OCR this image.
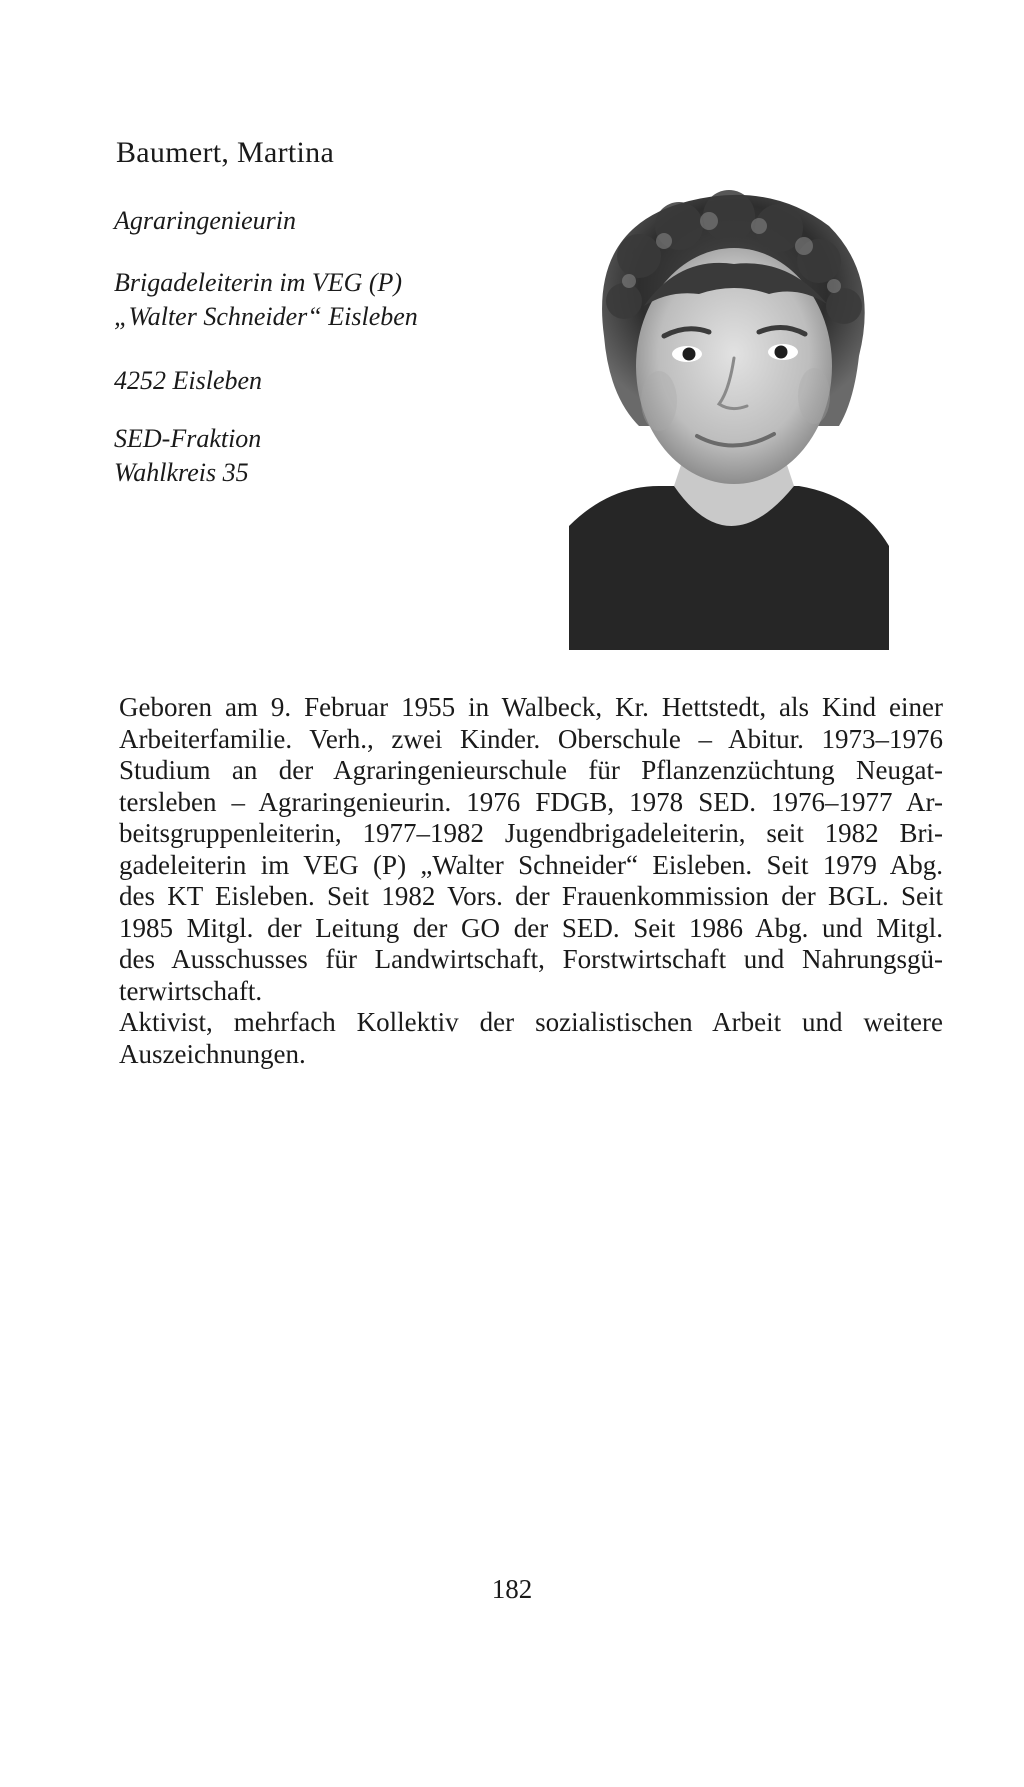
Baumert, Martina
Agraringenieurin
Brigadeleiterin im VEG (P)
„Walter Schneider“ Eisleben
4252 Eisleben
SED-Fraktion
Wahlkreis 35
Geboren am 9. Februar 1955 in Walbeck, Kr. Hettstedt, als Kind einer
Arbeiterfamilie. Verh., zwei Kinder. Oberschule – Abitur. 1973–1976
Studium an der Agraringenieurschule für Pflanzenzüchtung Neugat-
tersleben – Agraringenieurin. 1976 FDGB, 1978 SED. 1976–1977 Ar-
beitsgruppenleiterin, 1977–1982 Jugendbrigadeleiterin, seit 1982 Bri-
gadeleiterin im VEG (P) „Walter Schneider“ Eisleben. Seit 1979 Abg.
des KT Eisleben. Seit 1982 Vors. der Frauenkommission der BGL. Seit
1985 Mitgl. der Leitung der GO der SED. Seit 1986 Abg. und Mitgl.
des Ausschusses für Landwirtschaft, Forstwirtschaft und Nahrungsgü-
terwirtschaft.
Aktivist, mehrfach Kollektiv der sozialistischen Arbeit und weitere
Auszeichnungen.
182
